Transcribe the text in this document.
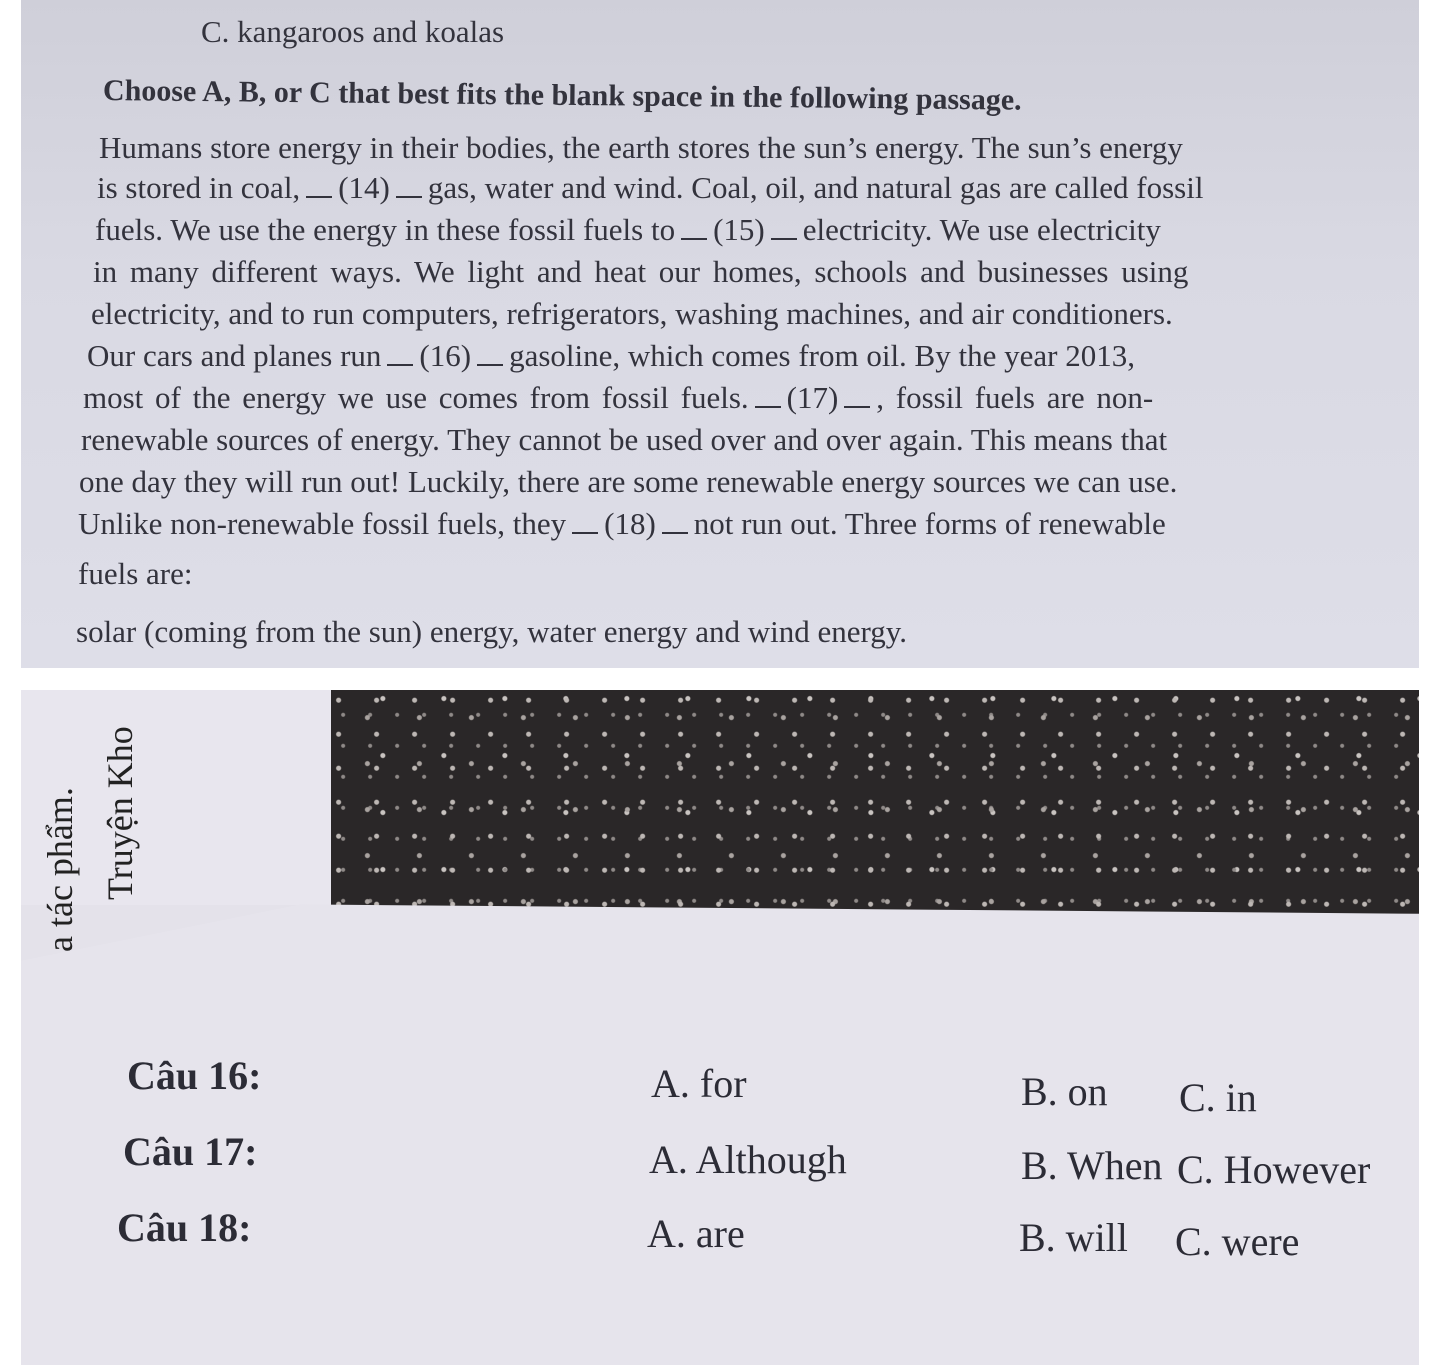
C. kangaroos and koalas
Choose A, B, or C that best fits the blank space in the following passage.
Humans store energy in their bodies, the earth stores the sun’s energy. The sun’s energy
is stored in coal, (14) gas, water and wind. Coal, oil, and natural gas are called fossil
fuels. We use the energy in these fossil fuels to (15) electricity. We use electricity
in many different ways. We light and heat our homes, schools and businesses using
electricity, and to run computers, refrigerators, washing machines, and air conditioners.
Our cars and planes run (16) gasoline, which comes from oil. By the year 2013,
most of the energy we use comes from fossil fuels. (17) , fossil fuels are non-
renewable sources of energy. They cannot be used over and over again. This means that
one day they will run out! Luckily, there are some renewable energy sources we can use.
Unlike non-renewable fossil fuels, they (18) not run out. Three forms of renewable
fuels are:
solar (coming from the sun) energy, water energy and wind energy.
ua tác phẩm. Truyện Kho
Câu 16:	A. for	B. on C. in
Câu 17:	A. Although	B. When C. However
Câu 18:	A. are	B. will C. were
